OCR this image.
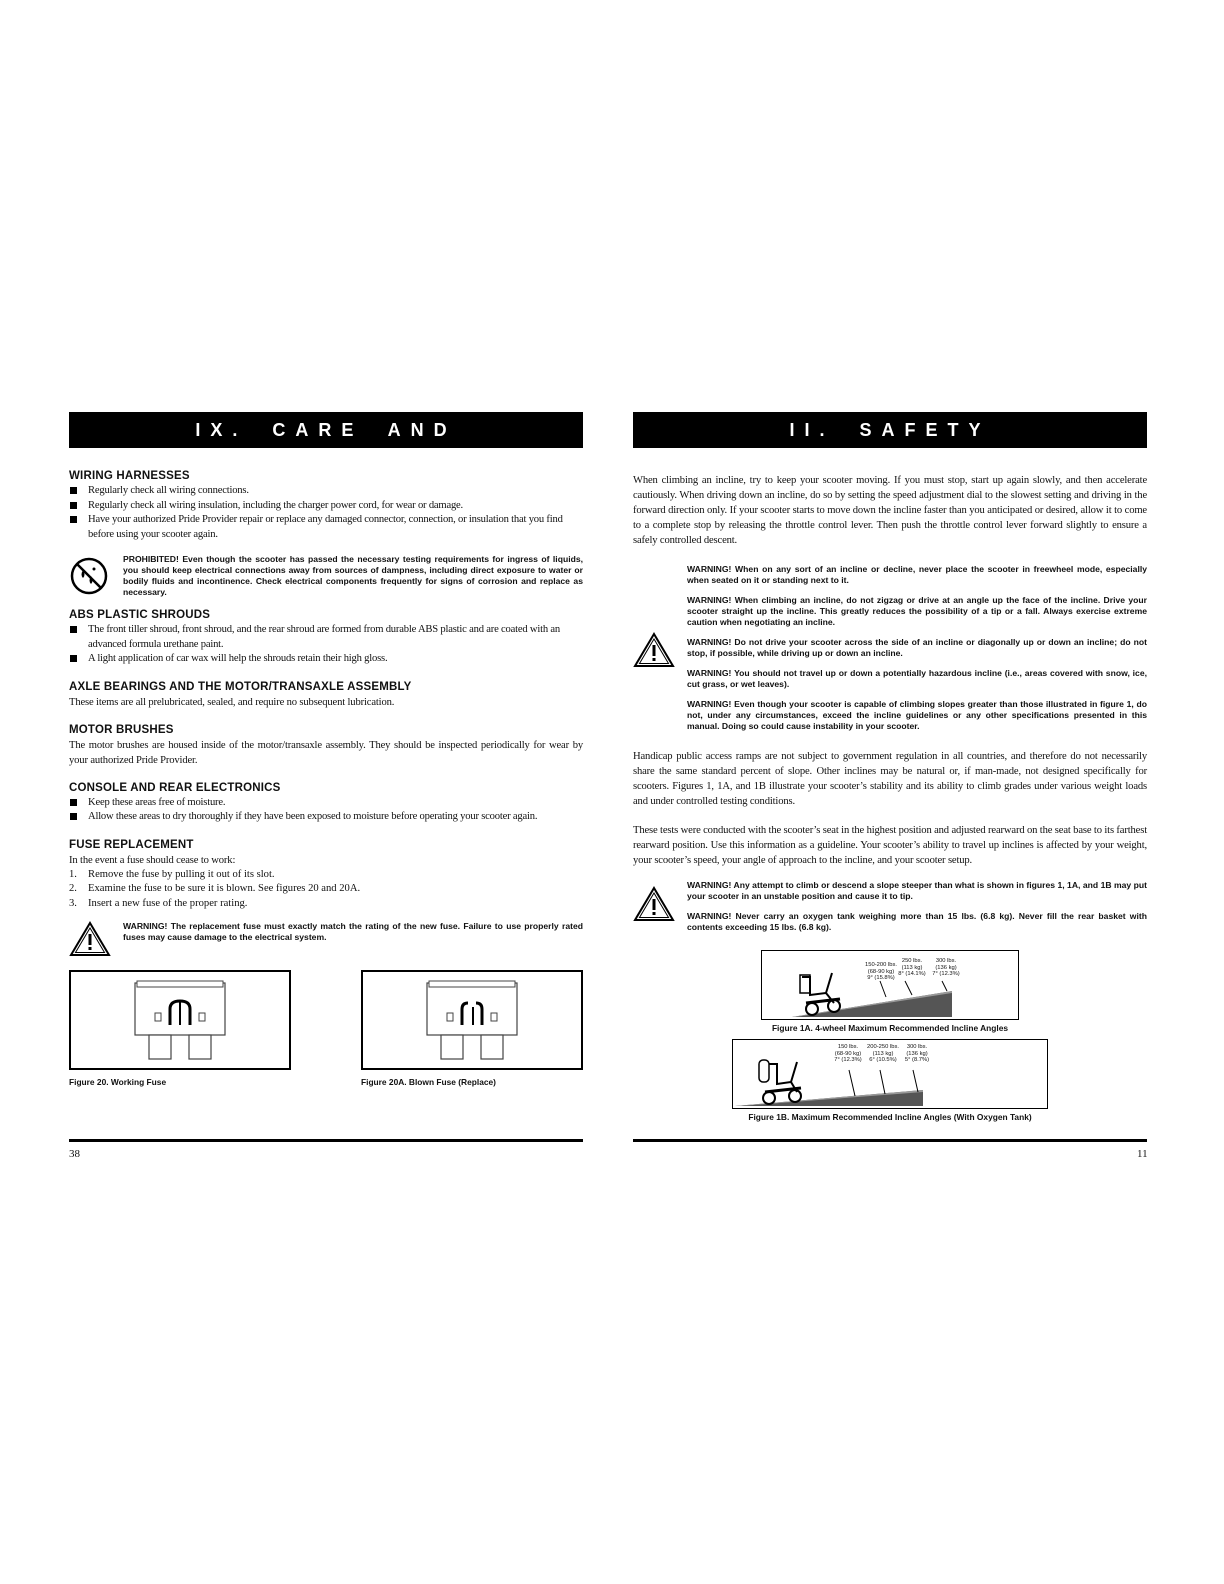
IX. CARE AND MAINTENANCE
WIRING HARNESSES
Regularly check all wiring connections.
Regularly check all wiring insulation, including the charger power cord, for wear or damage.
Have your authorized Pride Provider repair or replace any damaged connector, connection, or insulation that you find before using your scooter again.
PROHIBITED! Even though the scooter has passed the necessary testing requirements for ingress of liquids, you should keep electrical connections away from sources of dampness, including direct exposure to water or bodily fluids and incontinence. Check electrical components frequently for signs of corrosion and replace as necessary.
ABS PLASTIC SHROUDS
The front tiller shroud, front shroud, and the rear shroud are formed from durable ABS plastic and are coated with an advanced formula urethane paint.
A light application of car wax will help the shrouds retain their high gloss.
AXLE BEARINGS AND THE MOTOR/TRANSAXLE ASSEMBLY

These items are all prelubricated, sealed, and require no subsequent lubrication.

MOTOR BRUSHES

The motor brushes are housed inside of the motor/transaxle assembly. They should be inspected periodically for wear by your authorized Pride Provider.

CONSOLE AND REAR ELECTRONICS
Keep these areas free of moisture.
Allow these areas to dry thoroughly if they have been exposed to moisture before operating your scooter again.
FUSE REPLACEMENT

In the event a fuse should cease to work:

1. Remove the fuse by pulling it out of its slot.
2. Examine the fuse to be sure it is blown. See figures 20 and 20A.
3. Insert a new fuse of the proper rating.
WARNING! The replacement fuse must exactly match the rating of the new fuse. Failure to use properly rated fuses may cause damage to the electrical system.
Figure 20. Working Fuse	Figure 20A. Blown Fuse (Replace)
38
II. SAFETY

When climbing an incline, try to keep your scooter moving. If you must stop, start up again slowly, and then accelerate cautiously. When driving down an incline, do so by setting the speed adjustment dial to the slowest setting and driving in the forward direction only. If your scooter starts to move down the incline faster than you anticipated or desired, allow it to come to a complete stop by releasing the throttle control lever. Then push the throttle control lever forward slightly to ensure a safely controlled descent.

WARNING! When on any sort of an incline or decline, never place the scooter in freewheel mode, especially when seated on it or standing next to it.

WARNING! When climbing an incline, do not zigzag or drive at an angle up the face of the incline. Drive your scooter straight up the incline. This greatly reduces the possibility of a tip or a fall. Always exercise extreme caution when negotiating an incline.

WARNING! Do not drive your scooter across the side of an incline or diagonally up or down an incline; do not stop, if possible, while driving up or down an incline.

WARNING! You should not travel up or down a potentially hazardous incline (i.e., areas covered with snow, ice, cut grass, or wet leaves).

WARNING! Even though your scooter is capable of climbing slopes greater than those illustrated in figure 1, do not, under any circumstances, exceed the incline guidelines or any other specifications presented in this manual. Doing so could cause instability in your scooter.

Handicap public access ramps are not subject to government regulation in all countries, and therefore do not necessarily share the same standard percent of slope. Other inclines may be natural or, if man-made, not designed specifically for scooters. Figures 1, 1A, and 1B illustrate your scooter’s stability and its ability to climb grades under various weight loads and under controlled testing conditions.

These tests were conducted with the scooter’s seat in the highest position and adjusted rearward on the seat base to its farthest rearward position. Use this information as a guideline. Your scooter’s ability to travel up inclines is affected by your weight, your scooter’s speed, your angle of approach to the incline, and your scooter setup.

WARNING! Any attempt to climb or descend a slope steeper than what is shown in figures 1, 1A, and 1B may put your scooter in an unstable position and cause it to tip.

WARNING! Never carry an oxygen tank weighing more than 15 lbs. (6.8 kg). Never fill the rear basket with contents exceeding 15 lbs. (6.8 kg).

150-200 lbs.
(68-90 kg)
9° (15.8%)
250 lbs.
(113 kg)
8° (14.1%)
300 lbs.
(136 kg)
7° (12.3%)
Figure 1A. 4-wheel Maximum Recommended Incline Angles
150 lbs.
(68-90 kg)
7° (12.3%)
200-250 lbs.
(113 kg)
6° (10.5%)
300 lbs.
(136 kg)
5° (8.7%)
Figure 1B. Maximum Recommended Incline Angles (With Oxygen Tank)
11
